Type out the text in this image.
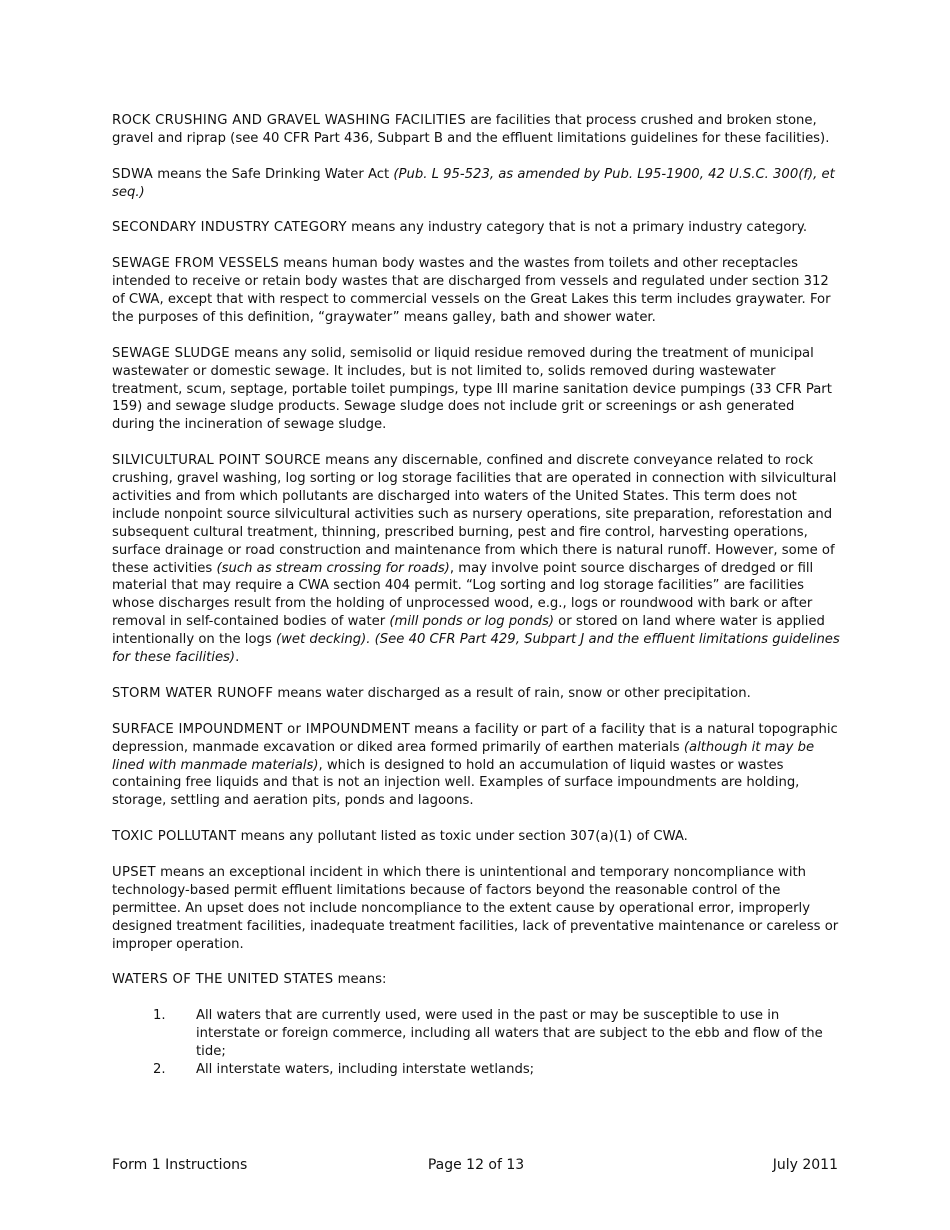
ROCK CRUSHING AND GRAVEL WASHING FACILITIES are facilities that process crushed and broken stone, gravel and riprap (see 40 CFR Part 436, Subpart B and the effluent limitations guidelines for these facilities).

SDWA means the Safe Drinking Water Act (Pub. L 95-523, as amended by Pub. L95-1900, 42 U.S.C. 300(f), et seq.)

SECONDARY INDUSTRY CATEGORY means any industry category that is not a primary industry category.

SEWAGE FROM VESSELS means human body wastes and the wastes from toilets and other receptacles intended to receive or retain body wastes that are discharged from vessels and regulated under section 312 of CWA, except that with respect to commercial vessels on the Great Lakes this term includes graywater. For the purposes of this definition, “graywater” means galley, bath and shower water.

SEWAGE SLUDGE means any solid, semisolid or liquid residue removed during the treatment of municipal wastewater or domestic sewage. It includes, but is not limited to, solids removed during wastewater treatment, scum, septage, portable toilet pumpings, type III marine sanitation device pumpings (33 CFR Part 159) and sewage sludge products. Sewage sludge does not include grit or screenings or ash generated during the incineration of sewage sludge.

SILVICULTURAL POINT SOURCE means any discernable, confined and discrete conveyance related to rock crushing, gravel washing, log sorting or log storage facilities that are operated in connection with silvicultural activities and from which pollutants are discharged into waters of the United States. This term does not include nonpoint source silvicultural activities such as nursery operations, site preparation, reforestation and subsequent cultural treatment, thinning, prescribed burning, pest and fire control, harvesting operations, surface drainage or road construction and maintenance from which there is natural runoff. However, some of these activities (such as stream crossing for roads), may involve point source discharges of dredged or fill material that may require a CWA section 404 permit. “Log sorting and log storage facilities” are facilities whose discharges result from the holding of unprocessed wood, e.g., logs or roundwood with bark or after removal in self-contained bodies of water (mill ponds or log ponds) or stored on land where water is applied intentionally on the logs (wet decking). (See 40 CFR Part 429, Subpart J and the effluent limitations guidelines for these facilities).

STORM WATER RUNOFF means water discharged as a result of rain, snow or other precipitation.

SURFACE IMPOUNDMENT or IMPOUNDMENT means a facility or part of a facility that is a natural topographic depression, manmade excavation or diked area formed primarily of earthen materials (although it may be lined with manmade materials), which is designed to hold an accumulation of liquid wastes or wastes containing free liquids and that is not an injection well. Examples of surface impoundments are holding, storage, settling and aeration pits, ponds and lagoons.

TOXIC POLLUTANT means any pollutant listed as toxic under section 307(a)(1) of CWA.

UPSET means an exceptional incident in which there is unintentional and temporary noncompliance with technology-based permit effluent limitations because of factors beyond the reasonable control of the permittee. An upset does not include noncompliance to the extent cause by operational error, improperly designed treatment facilities, inadequate treatment facilities, lack of preventative maintenance or careless or improper operation.

WATERS OF THE UNITED STATES means:

1. All waters that are currently used, were used in the past or may be susceptible to use in interstate or foreign commerce, including all waters that are subject to the ebb and flow of the tide;
2. All interstate waters, including interstate wetlands;
Form 1 Instructions	Page 12 of 13	July 2011
